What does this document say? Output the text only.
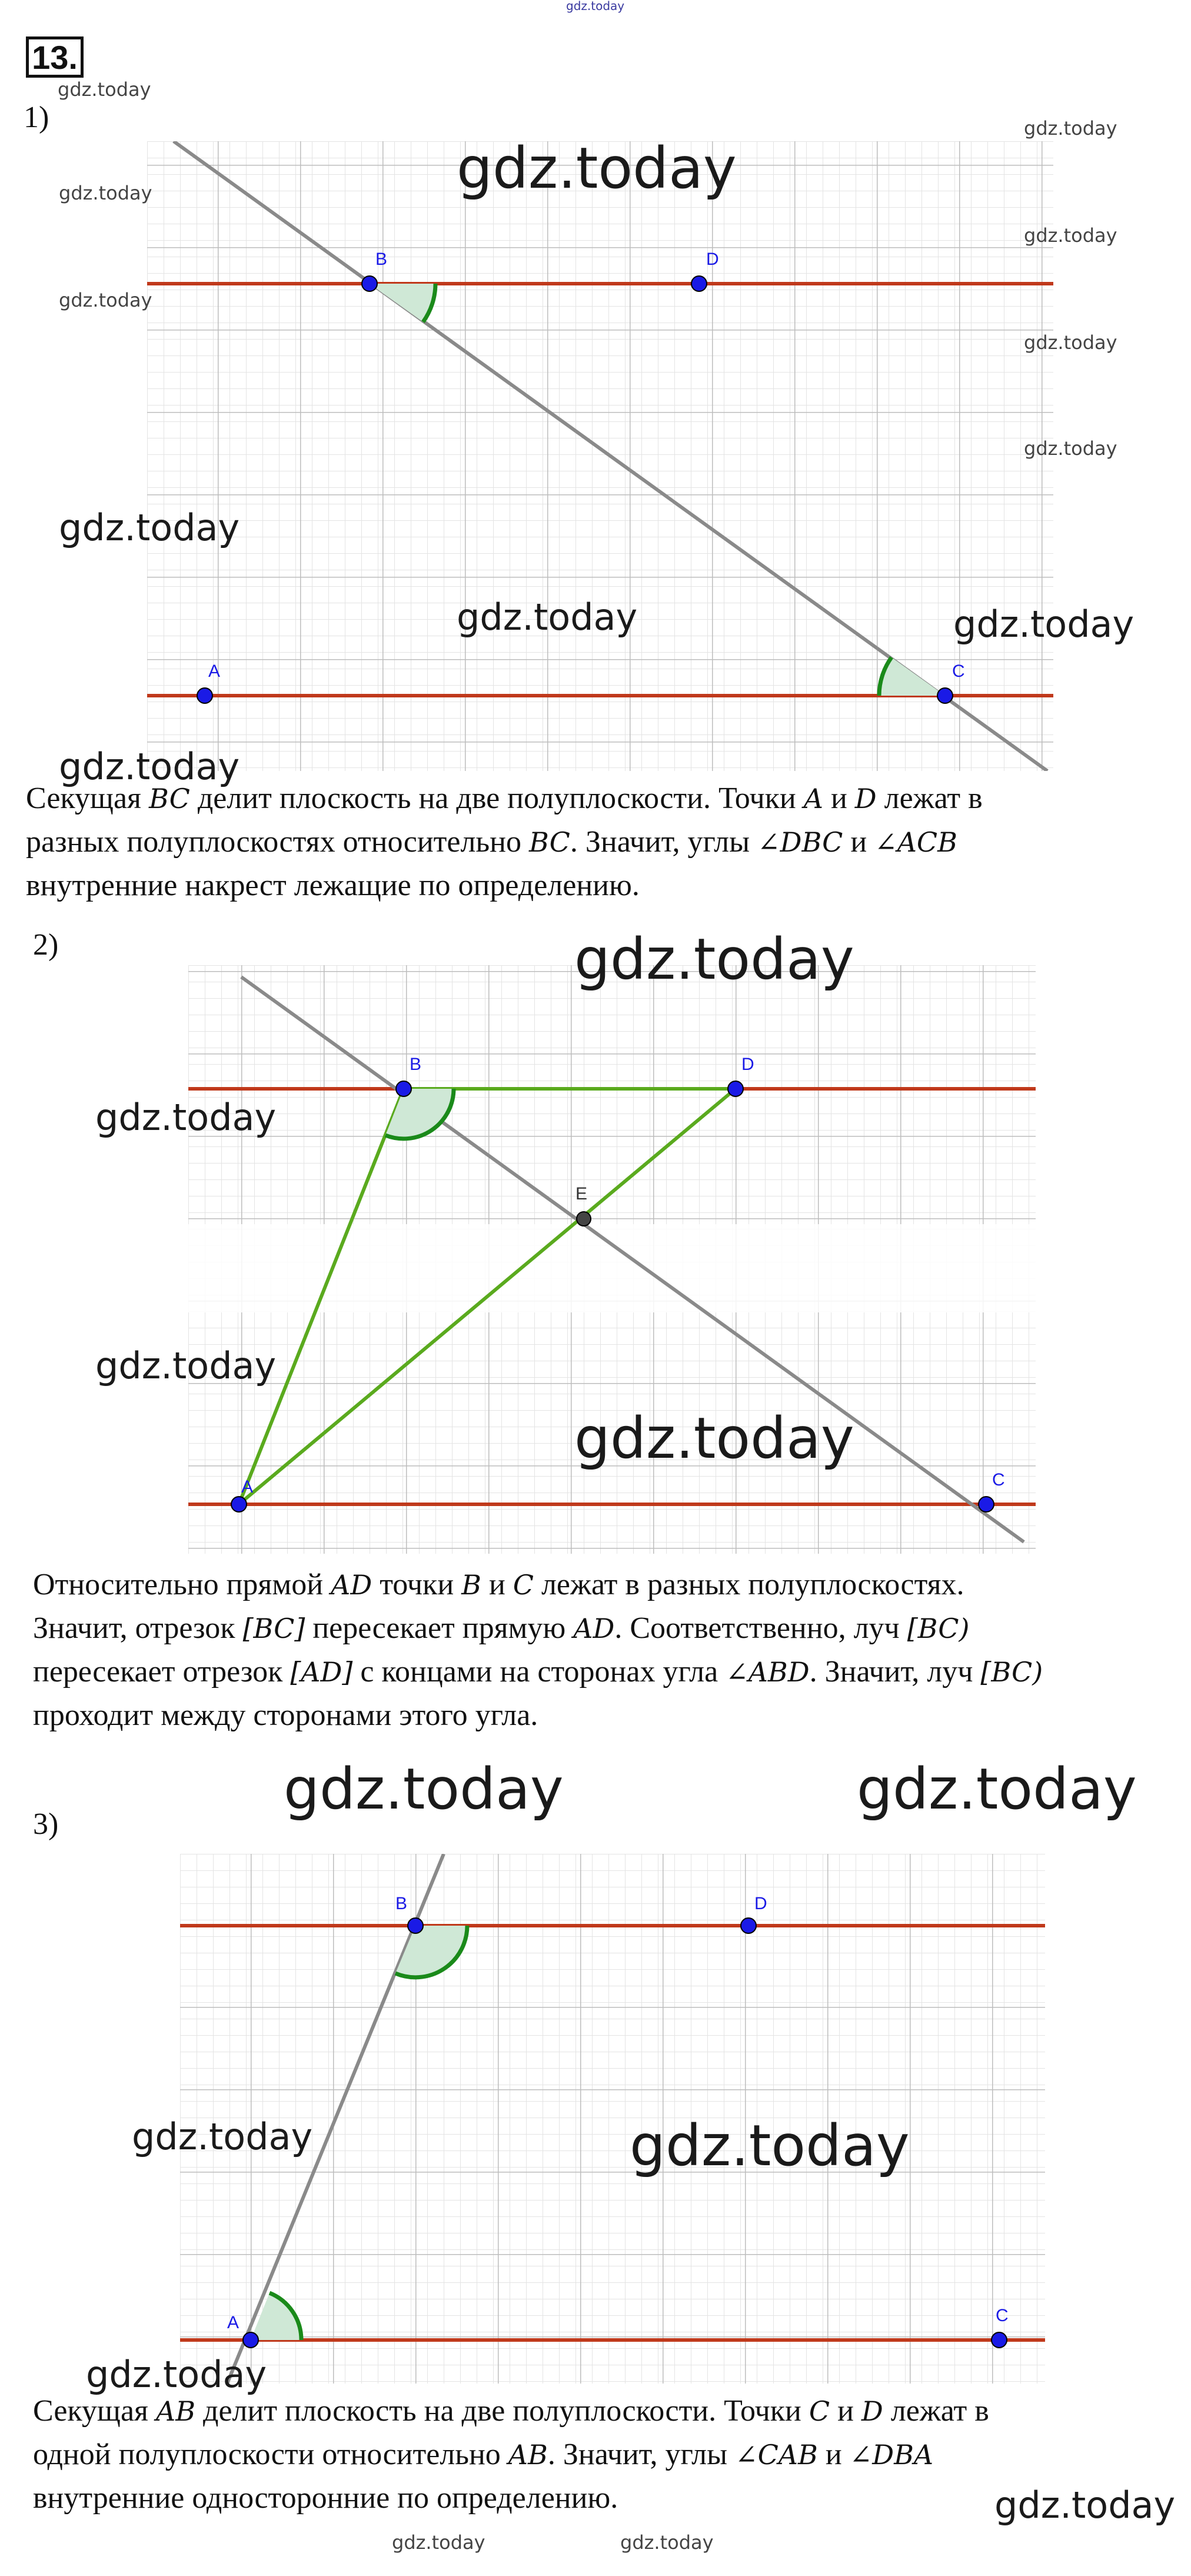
gdz.today
13.
gdz.today
1)
B	D
A	C
gdz.today
gdz.today
gdz.today
gdz.today
gdz.today
gdz.today
gdz.today
gdz.today
gdz.today	gdz.today
gdz.today

Секущая BC делит плоскость на две полуплоскости. Точки A и D лежат в

разных полуплоскостях относительно BC. Значит, углы ∠DBC и ∠ACB

внутренние накрест лежащие по определению.

2)
B	D
A	C
E
gdz.today
gdz.today
gdz.today
gdz.today

Относительно прямой AD точки B и C лежат в разных полуплоскостях.

Значит, отрезок [BC] пересекает прямую AD. Соответственно, луч [BC)

пересекает отрезок [AD] с концами на сторонах угла ∠ABD. Значит, луч [BC)

проходит между сторонами этого угла.

gdz.today	gdz.today
3)
B	D
A	C
gdz.today	gdz.today
gdz.today

Секущая AB делит плоскость на две полуплоскости. Точки C и D лежат в

одной полуплоскости относительно AB. Значит, углы ∠CAB и ∠DBA

внутренние односторонние по определению.

gdz.today	gdz.today
gdz.today
